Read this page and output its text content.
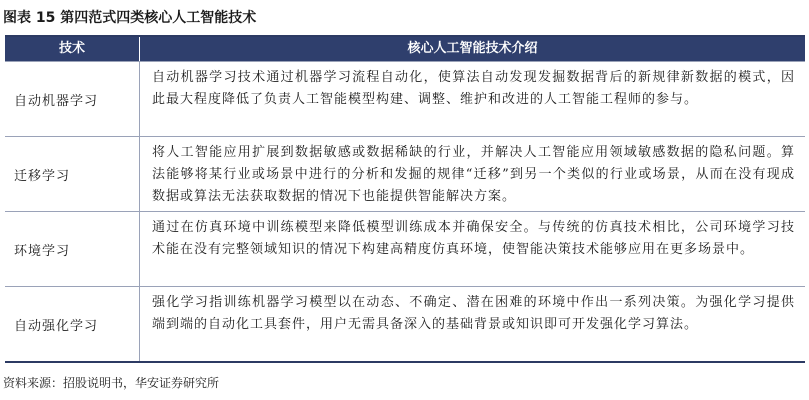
图表 15 第四范式四类核心人工智能技术
技术	核心人工智能技术介绍
自动机器学习
自动机器学习技术通过机器学习流程自动化，使算法自动发现发掘数据背后的新规律新数据的模式，因此最大程度降低了负责人工智能模型构建、调整、维护和改进的人工智能工程师的参与。
迁移学习
将人工智能应用扩展到数据敏感或数据稀缺的行业，并解决人工智能应用领域敏感数据的隐私问题。算法能够将某行业或场景中进行的分析和发掘的规律“迁移”到另一个类似的行业或场景，从而在没有现成数据或算法无法获取数据的情况下也能提供智能解决方案。
环境学习
通过在仿真环境中训练模型来降低模型训练成本并确保安全。与传统的仿真技术相比，公司环境学习技术能在没有完整领域知识的情况下构建高精度仿真环境，使智能决策技术能够应用在更多场景中。
自动强化学习
强化学习指训练机器学习模型以在动态、不确定、潜在困难的环境中作出一系列决策。为强化学习提供端到端的自动化工具套件，用户无需具备深入的基础背景或知识即可开发强化学习算法。
资料来源：招股说明书，华安证券研究所
